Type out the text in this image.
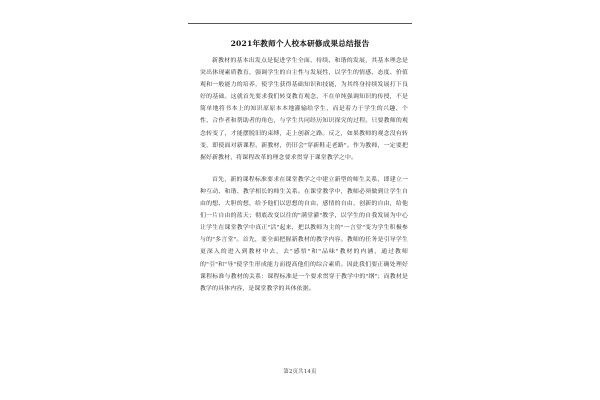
2021年教师个人校本研修成果总结报告

新教材的基本出发点是促进学生全面、持续、和谐的发展，其基本理念是突出体现素质教育，强调学生的自主性与发展性，以学生的情感、态度、价值观和一般能力的培养，使学生获得基础知识和技能，为其终身持续发展打下良好的基础。这就首先要求我们转变教育观念，不在单纯强调知识的传授，不是简单地将书本上的知识原原本本地灌输给学生，而是着力于学生的兴趣、个性、合作者和帮助者的角色，与学生共同经历知识探究的过程。只要教师的观念转变了，才能摆脱旧的束缚，走上创新之路。反之，如果教师的观念没有转变，即使面对新课程、新教材，仍旧会"穿新鞋走老路"。作为教师，一定要把握好新教材，将课程改革的理念要求贯穿于课堂教学之中。

首先，新的课程标准要求在课堂教学之中建立新型的师生关系，即建立一种互动、和谐、教学相长的师生关系。在课堂教学中，教师必须做到让学生自由的想、大胆的想，给予他们以思想的自由、感情的自由、创新的自由，给他们一片自由的蓝天；彻底改变以往的"满堂灌"教学，以学生的自我发展为中心让学生在课堂教学中真正"活"起来，把以教师为主的"一言堂"变为学生积极参与的"多言堂"。首先，要全面把握新教材的教学内容。教师的任务是引导学生更深入的进入到教材中去，去"感悟"和"品味"教材的内涵，通过教师的"引"和"导"使学生形成能力而提高他们的综合素质。因此我们要正确处理好课程标准与教材的关系：课程标准是一个要求贯穿于教学中的"纲"；而教材是教学的具体内容，是课堂教学的具体依据。

第2页共14页
